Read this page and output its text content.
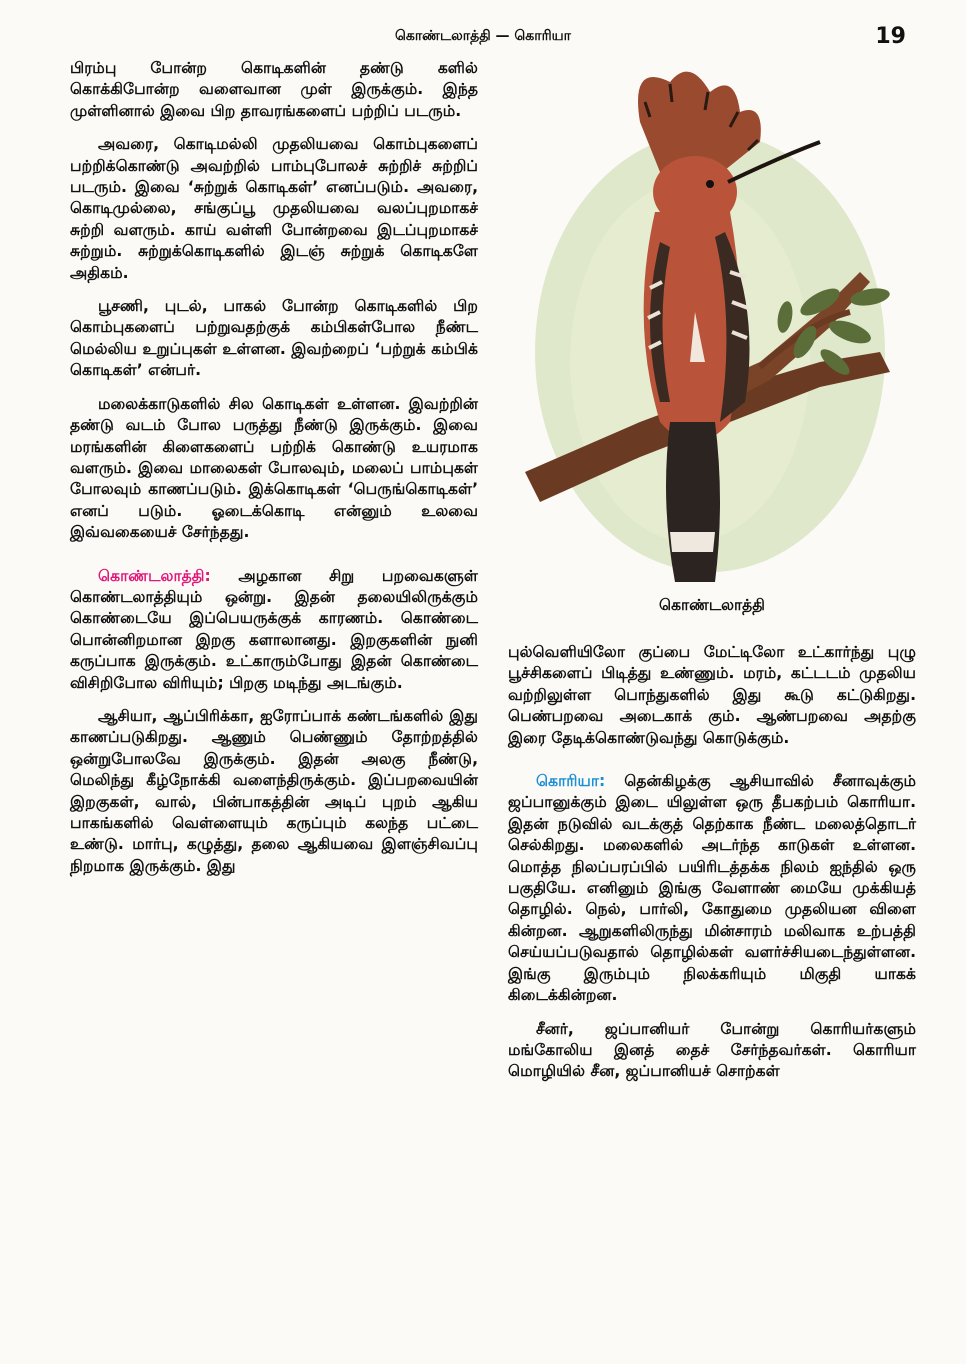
கொண்டலாத்தி — கொரியா	19

பிரம்பு போன்ற கொடிகளின் தண்டு களில் கொக்கிபோன்ற வளைவான முள் இருக்கும். இந்த முள்ளினால் இவை பிற தாவரங்களைப் பற்றிப் படரும்.

அவரை, கொடிமல்லி முதலியவை கொம்புகளைப் பற்றிக்கொண்டு அவற்றில் பாம்புபோலச் சுற்றிச் சுற்றிப் படரும். இவை ‘சுற்றுக் கொடிகள்’ எனப்படும். அவரை, கொடிமுல்லை, சங்குப்பூ முதலியவை வலப்புறமாகச் சுற்றி வளரும். காய் வள்ளி போன்றவை இடப்புறமாகச் சுற்றும். சுற்றுக்கொடிகளில் இடஞ் சுற்றுக் கொடிகளே அதிகம்.

பூசணி, புடல், பாகல் போன்ற கொடிகளில் பிற கொம்புகளைப் பற்றுவதற்குக் கம்பிகள்போல நீண்ட மெல்லிய உறுப்புகள் உள்ளன. இவற்றைப் ‘பற்றுக் கம்பிக் கொடிகள்’ என்பர்.

மலைக்காடுகளில் சில கொடிகள் உள்ளன. இவற்றின் தண்டு வடம் போல பருத்து நீண்டு இருக்கும். இவை மரங்களின் கிளைகளைப் பற்றிக் கொண்டு உயரமாக வளரும். இவை மாலைகள் போலவும், மலைப் பாம்புகள் போலவும் காணப்படும். இக்கொடிகள் ‘பெருங்கொடிகள்’ எனப் படும். ஓடைக்கொடி என்னும் உலவை இவ்வகையைச் சேர்ந்தது.

கொண்டலாத்தி: அழகான சிறு பறவைகளுள் கொண்டலாத்தியும் ஒன்று. இதன் தலையிலிருக்கும் கொண்டையே இப்பெயருக்குக் காரணம். கொண்டை பொன்னிறமான இறகு களாலானது. இறகுகளின் நுனி கருப்பாக இருக்கும். உட்காரும்போது இதன் கொண்டை விசிறிபோல விரியும்; பிறகு மடிந்து அடங்கும்.

ஆசியா, ஆப்பிரிக்கா, ஐரோப்பாக் கண்டங்களில் இது காணப்படுகிறது. ஆணும் பெண்ணும் தோற்றத்தில் ஒன்றுபோலவே இருக்கும். இதன் அலகு நீண்டு, மெலிந்து கீழ்நோக்கி வளைந்திருக்கும். இப்பறவையின் இறகுகள், வால், பின்பாகத்தின் அடிப் புறம் ஆகிய பாகங்களில் வெள்ளையும் கருப்பும் கலந்த பட்டை உண்டு. மார்பு, கழுத்து, தலை ஆகியவை இளஞ்சிவப்பு நிறமாக இருக்கும். இது

கொண்டலாத்தி

புல்வெளியிலோ குப்பை மேட்டிலோ உட்கார்ந்து புழு பூச்சிகளைப் பிடித்து உண்ணும். மரம், கட்டடம் முதலிய வற்றிலுள்ள பொந்துகளில் இது கூடு கட்டுகிறது. பெண்பறவை அடைகாக் கும். ஆண்பறவை அதற்கு இரை தேடிக்கொண்டுவந்து கொடுக்கும்.

கொரியா: தென்கிழக்கு ஆசியாவில் சீனாவுக்கும் ஜப்பானுக்கும் இடை யிலுள்ள ஒரு தீபகற்பம் கொரியா. இதன் நடுவில் வடக்குத் தெற்காக நீண்ட மலைத்தொடர் செல்கிறது. மலைகளில் அடர்ந்த காடுகள் உள்ளன. மொத்த நிலப்பரப்பில் பயிரிடத்தக்க நிலம் ஐந்தில் ஒரு பகுதியே. எனினும் இங்கு வேளாண் மையே முக்கியத் தொழில். நெல், பார்லி, கோதுமை முதலியன விளை கின்றன. ஆறுகளிலிருந்து மின்சாரம் மலிவாக உற்பத்தி செய்யப்படுவதால் தொழில்கள் வளர்ச்சியடைந்துள்ளன. இங்கு இரும்பும் நிலக்கரியும் மிகுதி யாகக் கிடைக்கின்றன.

சீனர், ஜப்பானியர் போன்று கொரியர்களும் மங்கோலிய இனத் தைச் சேர்ந்தவர்கள். கொரியா மொழியில் சீன, ஜப்பானியச் சொற்கள்
